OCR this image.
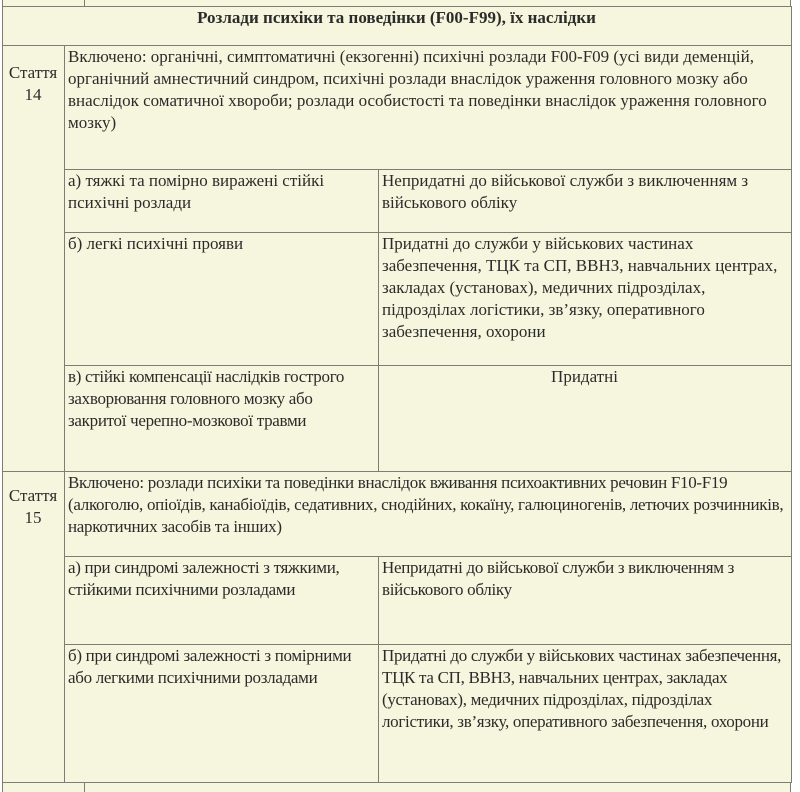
Розлади психіки та поведінки (F00-F99), їх наслідки		

Стаття
14	Включено: органічні, симптоматичні (екзогенні) психічні розлади F00-F09 (усі види деменцій, органічний амнестичний синдром, психічні розлади внаслідок ураження головного мозку або внаслідок соматичної хвороби; розлади особистості та поведінки внаслідок ураження головного мозку)	
	а) тяжкі та помірно виражені стійкі психічні розлади	Непридатні до військової служби з виключенням з військового обліку
	б) легкі психічні прояви	Придатні до служби у військових частинах забезпечення, ТЦК та СП, ВВНЗ, навчальних центрах, закладах (установах), медичних підрозділах, підрозділах логістики, зв’язку, оперативного забезпечення, охорони
	в) стійкі компенсації наслідків гострого захворювання головного мозку або закритої черепно-мозкової травми	Придатні

Стаття
15	Включено: розлади психіки та поведінки внаслідок вживання психоактивних речовин F10-F19 (алкоголю, опіоїдів, канабіоїдів, седативних, снодійних, кокаїну, галюциногенів, летючих розчинників, наркотичних засобів та інших)	
	а) при синдромі залежності з тяжкими, стійкими психічними розладами	Непридатні до військової служби з виключенням з військового обліку
	б) при синдромі залежності з помірними або легкими психічними розладами	Придатні до служби у військових частинах забезпечення, ТЦК та СП, ВВНЗ, навчальних центрах, закладах (установах), медичних підрозділах, підрозділах логістики, зв’язку, оперативного забезпечення, охорони
